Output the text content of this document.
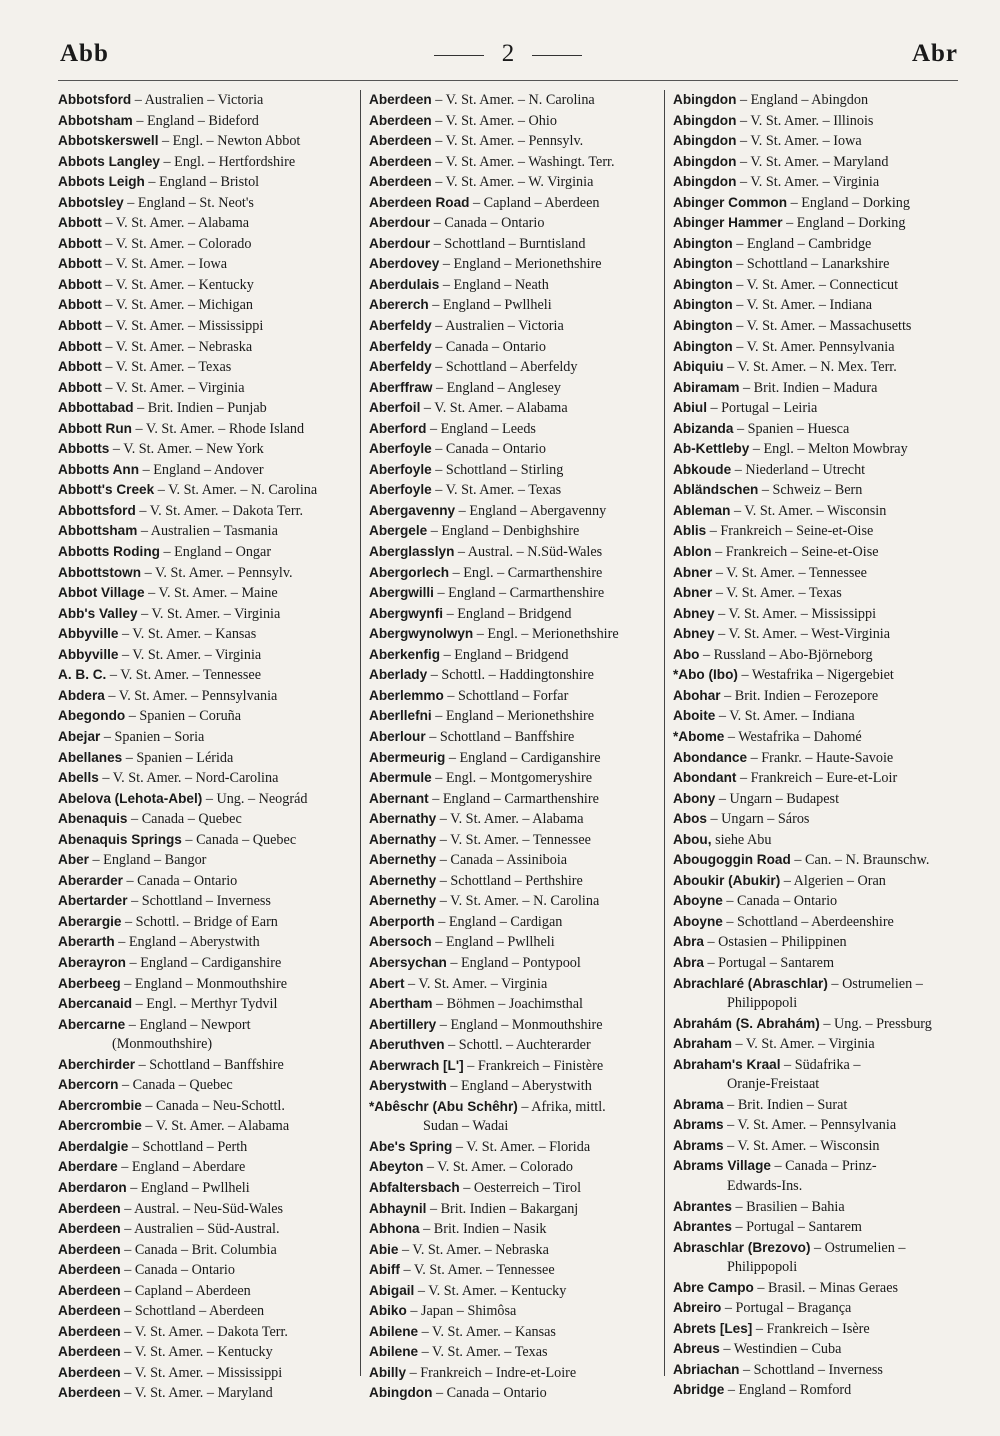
Abb	2	Abr
Abbotsford – Australien – Victoria
Abbotsham – England – Bideford
Abbotskerswell – Engl. – Newton Abbot
Abbots Langley – Engl. – Hertfordshire
Abbots Leigh – England – Bristol
Abbotsley – England – St. Neot's
Abbott – V. St. Amer. – Alabama
Abbott – V. St. Amer. – Colorado
Abbott – V. St. Amer. – Iowa
Abbott – V. St. Amer. – Kentucky
Abbott – V. St. Amer. – Michigan
Abbott – V. St. Amer. – Mississippi
Abbott – V. St. Amer. – Nebraska
Abbott – V. St. Amer. – Texas
Abbott – V. St. Amer. – Virginia
Abbottabad – Brit. Indien – Punjab
Abbott Run – V. St. Amer. – Rhode Island
Abbotts – V. St. Amer. – New York
Abbotts Ann – England – Andover
Abbott's Creek – V. St. Amer. – N. Carolina
Abbottsford – V. St. Amer. – Dakota Terr.
Abbottsham – Australien – Tasmania
Abbotts Roding – England – Ongar
Abbottstown – V. St. Amer. – Pennsylv.
Abbot Village – V. St. Amer. – Maine
Abb's Valley – V. St. Amer. – Virginia
Abbyville – V. St. Amer. – Kansas
Abbyville – V. St. Amer. – Virginia
A. B. C. – V. St. Amer. – Tennessee
Abdera – V. St. Amer. – Pennsylvania
Abegondo – Spanien – Coruña
Abejar – Spanien – Soria
Abellanes – Spanien – Lérida
Abells – V. St. Amer. – Nord-Carolina
Abelova (Lehota-Abel) – Ung. – Neográd
Abenaquis – Canada – Quebec
Abenaquis Springs – Canada – Quebec
Aber – England – Bangor
Aberarder – Canada – Ontario
Abertarder – Schottland – Inverness
Aberargie – Schottl. – Bridge of Earn
Aberarth – England – Aberystwith
Aberayron – England – Cardiganshire
Aberbeeg – England – Monmouthshire
Abercanaid – Engl. – Merthyr Tydvil
Abercarne – England – Newport
(Monmouthshire)
Aberchirder – Schottland – Banffshire
Abercorn – Canada – Quebec
Abercrombie – Canada – Neu-Schottl.
Abercrombie – V. St. Amer. – Alabama
Aberdalgie – Schottland – Perth
Aberdare – England – Aberdare
Aberdaron – England – Pwllheli
Aberdeen – Austral. – Neu-Süd-Wales
Aberdeen – Australien – Süd-Austral.
Aberdeen – Canada – Brit. Columbia
Aberdeen – Canada – Ontario
Aberdeen – Capland – Aberdeen
Aberdeen – Schottland – Aberdeen
Aberdeen – V. St. Amer. – Dakota Terr.
Aberdeen – V. St. Amer. – Kentucky
Aberdeen – V. St. Amer. – Mississippi
Aberdeen – V. St. Amer. – Maryland
Aberdeen – V. St. Amer. – N. Carolina
Aberdeen – V. St. Amer. – Ohio
Aberdeen – V. St. Amer. – Pennsylv.
Aberdeen – V. St. Amer. – Washingt. Terr.
Aberdeen – V. St. Amer. – W. Virginia
Aberdeen Road – Capland – Aberdeen
Aberdour – Canada – Ontario
Aberdour – Schottland – Burntisland
Aberdovey – England – Merionethshire
Aberdulais – England – Neath
Abererch – England – Pwllheli
Aberfeldy – Australien – Victoria
Aberfeldy – Canada – Ontario
Aberfeldy – Schottland – Aberfeldy
Aberffraw – England – Anglesey
Aberfoil – V. St. Amer. – Alabama
Aberford – England – Leeds
Aberfoyle – Canada – Ontario
Aberfoyle – Schottland – Stirling
Aberfoyle – V. St. Amer. – Texas
Abergavenny – England – Abergavenny
Abergele – England – Denbighshire
Aberglasslyn – Austral. – N.Süd-Wales
Abergorlech – Engl. – Carmarthenshire
Abergwilli – England – Carmarthenshire
Abergwynfi – England – Bridgend
Abergwynolwyn – Engl. – Merionethshire
Aberkenfig – England – Bridgend
Aberlady – Schottl. – Haddingtonshire
Aberlemmo – Schottland – Forfar
Aberllefni – England – Merionethshire
Aberlour – Schottland – Banffshire
Abermeurig – England – Cardiganshire
Abermule – Engl. – Montgomeryshire
Abernant – England – Carmarthenshire
Abernathy – V. St. Amer. – Alabama
Abernathy – V. St. Amer. – Tennessee
Abernethy – Canada – Assiniboia
Abernethy – Schottland – Perthshire
Abernethy – V. St. Amer. – N. Carolina
Aberporth – England – Cardigan
Abersoch – England – Pwllheli
Abersychan – England – Pontypool
Abert – V. St. Amer. – Virginia
Abertham – Böhmen – Joachimsthal
Abertillery – England – Monmouthshire
Aberuthven – Schottl. – Auchterarder
Aberwrach [L'] – Frankreich – Finistère
Aberystwith – England – Aberystwith
*Abêschr (Abu Schêhr) – Afrika, mittl.
Sudan – Wadai
Abe's Spring – V. St. Amer. – Florida
Abeyton – V. St. Amer. – Colorado
Abfaltersbach – Oesterreich – Tirol
Abhaynil – Brit. Indien – Bakarganj
Abhona – Brit. Indien – Nasik
Abie – V. St. Amer. – Nebraska
Abiff – V. St. Amer. – Tennessee
Abigail – V. St. Amer. – Kentucky
Abiko – Japan – Shimôsa
Abilene – V. St. Amer. – Kansas
Abilene – V. St. Amer. – Texas
Abilly – Frankreich – Indre-et-Loire
Abingdon – Canada – Ontario
Abingdon – England – Abingdon
Abingdon – V. St. Amer. – Illinois
Abingdon – V. St. Amer. – Iowa
Abingdon – V. St. Amer. – Maryland
Abingdon – V. St. Amer. – Virginia
Abinger Common – England – Dorking
Abinger Hammer – England – Dorking
Abington – England – Cambridge
Abington – Schottland – Lanarkshire
Abington – V. St. Amer. – Connecticut
Abington – V. St. Amer. – Indiana
Abington – V. St. Amer. – Massachusetts
Abington – V. St. Amer. Pennsylvania
Abiquiu – V. St. Amer. – N. Mex. Terr.
Abiramam – Brit. Indien – Madura
Abiul – Portugal – Leiria
Abizanda – Spanien – Huesca
Ab-Kettleby – Engl. – Melton Mowbray
Abkoude – Niederland – Utrecht
Abländschen – Schweiz – Bern
Ableman – V. St. Amer. – Wisconsin
Ablis – Frankreich – Seine-et-Oise
Ablon – Frankreich – Seine-et-Oise
Abner – V. St. Amer. – Tennessee
Abner – V. St. Amer. – Texas
Abney – V. St. Amer. – Mississippi
Abney – V. St. Amer. – West-Virginia
Abo – Russland – Abo-Björneborg
*Abo (Ibo) – Westafrika – Nigergebiet
Abohar – Brit. Indien – Ferozepore
Aboite – V. St. Amer. – Indiana
*Abome – Westafrika – Dahomé
Abondance – Frankr. – Haute-Savoie
Abondant – Frankreich – Eure-et-Loir
Abony – Ungarn – Budapest
Abos – Ungarn – Sáros
Abou, siehe Abu
Abougoggin Road – Can. – N. Braunschw.
Aboukir (Abukir) – Algerien – Oran
Aboyne – Canada – Ontario
Aboyne – Schottland – Aberdeenshire
Abra – Ostasien – Philippinen
Abra – Portugal – Santarem
Abrachlaré (Abraschlar) – Ostrumelien –
Philippopoli
Abrahám (S. Abrahám) – Ung. – Pressburg
Abraham – V. St. Amer. – Virginia
Abraham's Kraal – Südafrika –
Oranje-Freistaat
Abrama – Brit. Indien – Surat
Abrams – V. St. Amer. – Pennsylvania
Abrams – V. St. Amer. – Wisconsin
Abrams Village – Canada – Prinz-
Edwards-Ins.
Abrantes – Brasilien – Bahia
Abrantes – Portugal – Santarem
Abraschlar (Brezovo) – Ostrumelien –
Philippopoli
Abre Campo – Brasil. – Minas Geraes
Abreiro – Portugal – Bragança
Abrets [Les] – Frankreich – Isère
Abreus – Westindien – Cuba
Abriachan – Schottland – Inverness
Abridge – England – Romford
